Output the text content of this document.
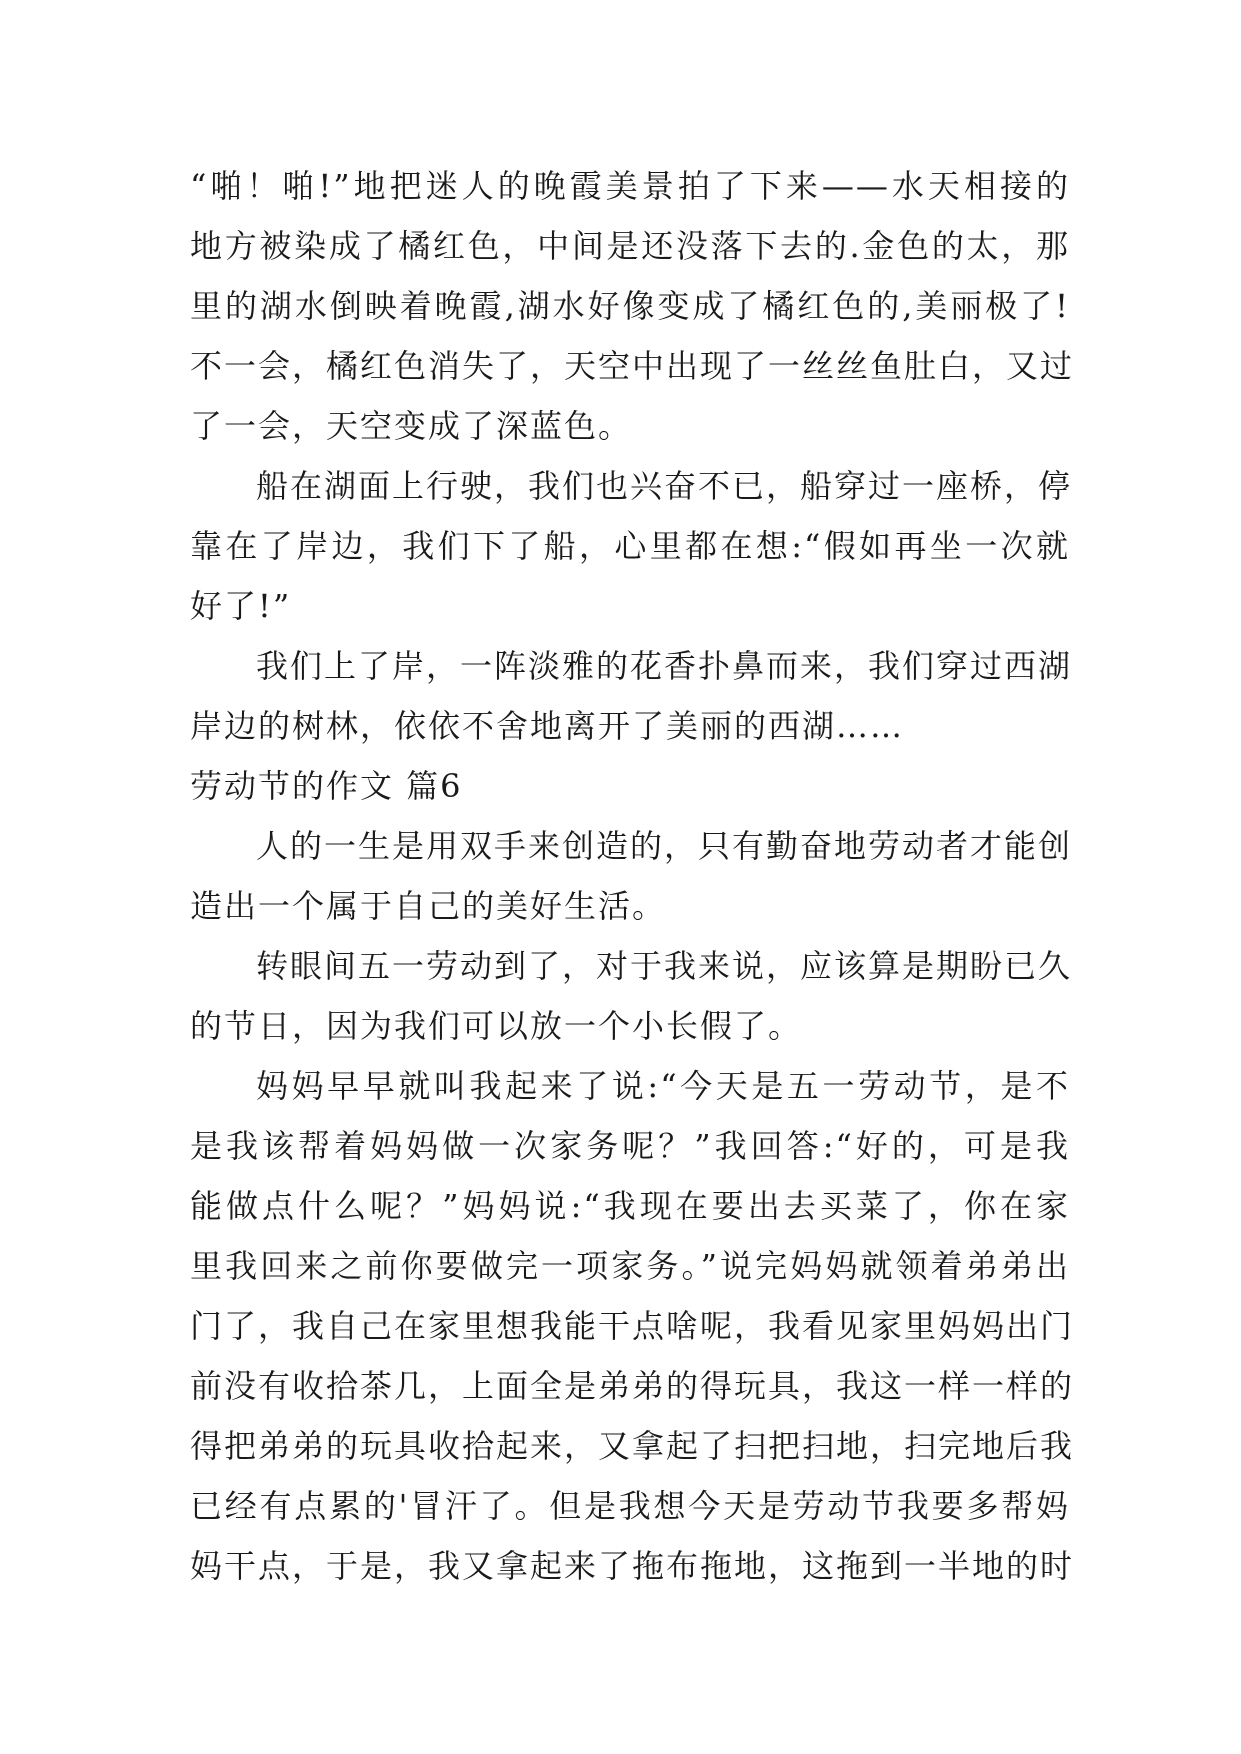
“啪！啪!”地把迷人的晚霞美景拍了下来——水天相接的
地方被染成了橘红色，中间是还没落下去的.金色的太，那
里的湖水倒映着晚霞,湖水好像变成了橘红色的,美丽极了!
不一会，橘红色消失了，天空中出现了一丝丝鱼肚白，又过
了一会，天空变成了深蓝色。
船在湖面上行驶，我们也兴奋不已，船穿过一座桥，停
靠在了岸边，我们下了船，心里都在想:“假如再坐一次就
好了!”
我们上了岸，一阵淡雅的花香扑鼻而来，我们穿过西湖
岸边的树林，依依不舍地离开了美丽的西湖……
劳动节的作文 篇6
人的一生是用双手来创造的，只有勤奋地劳动者才能创
造出一个属于自己的美好生活。
转眼间五一劳动到了，对于我来说，应该算是期盼已久
的节日，因为我们可以放一个小长假了。
妈妈早早就叫我起来了说:“今天是五一劳动节，是不
是我该帮着妈妈做一次家务呢？”我回答:“好的，可是我
能做点什么呢？”妈妈说:“我现在要出去买菜了，你在家
里我回来之前你要做完一项家务。”说完妈妈就领着弟弟出
门了，我自己在家里想我能干点啥呢，我看见家里妈妈出门
前没有收拾茶几，上面全是弟弟的得玩具，我这一样一样的
得把弟弟的玩具收拾起来，又拿起了扫把扫地，扫完地后我
已经有点累的'冒汗了。但是我想今天是劳动节我要多帮妈
妈干点，于是，我又拿起来了拖布拖地，这拖到一半地的时
